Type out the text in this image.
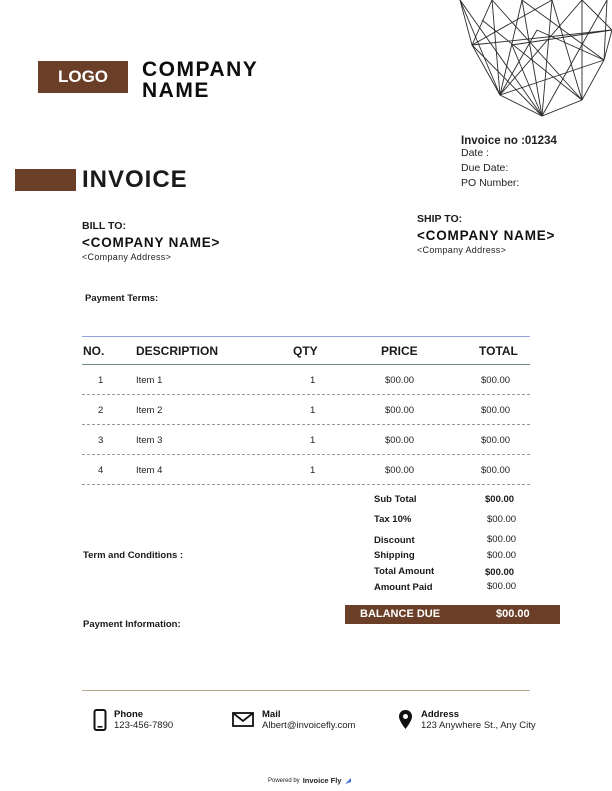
LOGO	COMPANY
NAME
Invoice no :01234
Date :
Due Date:
PO Number:
INVOICE
BILL TO:
<COMPANY NAME>
<Company Address>
SHIP TO:
<COMPANY NAME>
<Company Address>
Payment Terms:
NO.	DESCRIPTION	QTY	PRICE	TOTAL
1	Item 1	1	$00.00	$00.00
2	Item 2	1	$00.00	$00.00
3	Item 3	1	$00.00	$00.00
4	Item 4	1	$00.00	$00.00
Sub Total	$00.00
Tax 10%	$00.00
Discount	$00.00
Shipping	$00.00
Total Amount	$00.00
Amount Paid	$00.00
BALANCE DUE	$00.00
Term and Conditions :
Payment Information:
Phone
123-456-7890
Mail
Albert@invoicefly.com
Address
123 Anywhere St., Any City
Powered by Invoice Fly
